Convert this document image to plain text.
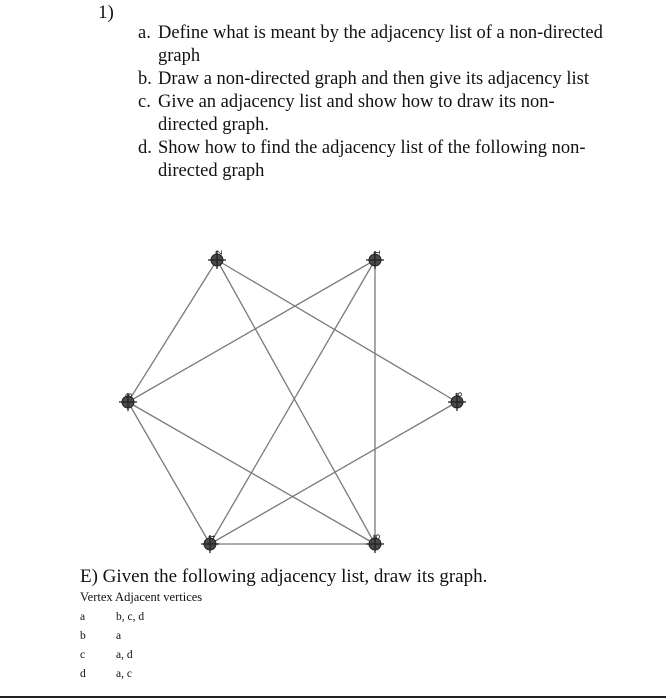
1)
a. Define what is meant by the adjacency list of a non-directed graph
b. Draw a non-directed graph and then give its adjacency list
c. Give an adjacency list and show how to draw its non-directed graph.
d. Show how to find the adjacency list of the following non-directed graph
1
2
3
4	5
6
E) Given the following adjacency list, draw its graph.
Vertex Adjacent vertices
a	b, c, d
b	a
c	a, d
d	a, c
